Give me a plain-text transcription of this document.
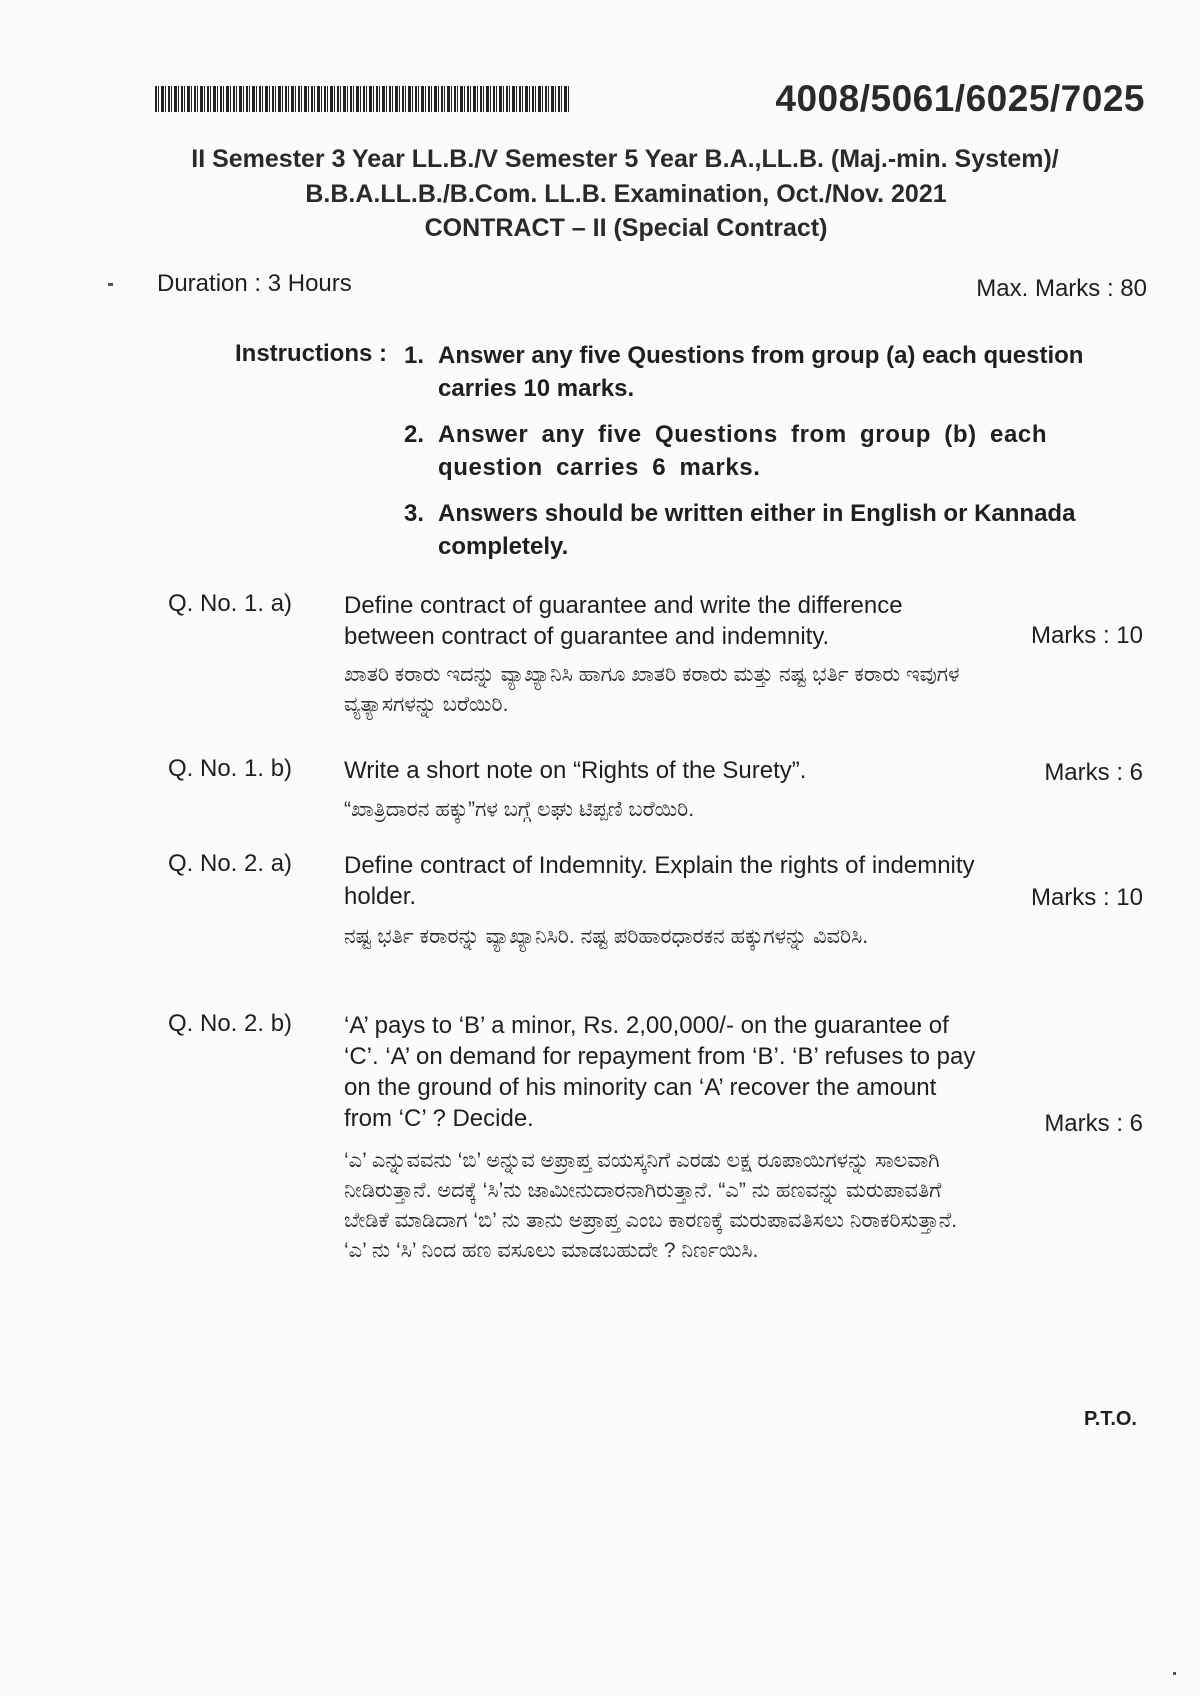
4008/5061/6025/7025
II Semester 3 Year LL.B./V Semester 5 Year B.A.,LL.B. (Maj.-min. System)/
B.B.A.LL.B./B.Com. LL.B. Examination, Oct./Nov. 2021
CONTRACT – II (Special Contract)
Duration : 3 Hours	Max. Marks : 80
Instructions : 1. Answer any five Questions from group (a) each question carries 10 marks.
2. Answer any five Questions from group (b) each question carries 6 marks.
3. Answers should be written either in English or Kannada completely.
Q. No. 1. a) Define contract of guarantee and write the difference between contract of guarantee and indemnity.	Marks : 10
ಖಾತರಿ ಕರಾರು ಇದನ್ನು ವ್ಯಾಖ್ಯಾನಿಸಿ ಹಾಗೂ ಖಾತರಿ ಕರಾರು ಮತ್ತು ನಷ್ಟ ಭರ್ತಿ ಕರಾರು ಇವುಗಳ ವ್ಯತ್ಯಾಸಗಳನ್ನು ಬರೆಯಿರಿ.
Q. No. 1. b) Write a short note on “Rights of the Surety”.	Marks : 6
“ಖಾತ್ರಿದಾರನ ಹಕ್ಕು”ಗಳ ಬಗ್ಗೆ ಲಘು ಟಿಪ್ಪಣಿ ಬರೆಯಿರಿ.
Q. No. 2. a) Define contract of Indemnity. Explain the rights of indemnity holder.	Marks : 10
ನಷ್ಟ ಭರ್ತಿ ಕರಾರನ್ನು ವ್ಯಾಖ್ಯಾನಿಸಿರಿ. ನಷ್ಟ ಪರಿಹಾರಧಾರಕನ ಹಕ್ಕುಗಳನ್ನು ವಿವರಿಸಿ.
Q. No. 2. b) ‘A’ pays to ‘B’ a minor, Rs. 2,00,000/- on the guarantee of ‘C’. ‘A’ on demand for repayment from ‘B’. ‘B’ refuses to pay on the ground of his minority can ‘A’ recover the amount from ‘C’ ? Decide.	Marks : 6
‘ಎ’ ಎನ್ನುವವನು ‘ಬಿ’ ಅನ್ನುವ ಅಪ್ರಾಪ್ತ ವಯಸ್ಕನಿಗೆ ಎರಡು ಲಕ್ಷ ರೂಪಾಯಿಗಳನ್ನು ಸಾಲವಾಗಿ ನೀಡಿರುತ್ತಾನೆ. ಅದಕ್ಕೆ ‘ಸಿ’ನು ಜಾಮೀನುದಾರನಾಗಿರುತ್ತಾನೆ. “ಎ” ನು ಹಣವನ್ನು ಮರುಪಾವತಿಗೆ ಬೇಡಿಕೆ ಮಾಡಿದಾಗ ‘ಬಿ’ ನು ತಾನು ಅಪ್ರಾಪ್ತ ಎಂಬ ಕಾರಣಕ್ಕೆ ಮರುಪಾವತಿಸಲು ನಿರಾಕರಿಸುತ್ತಾನೆ. ‘ಎ’ ನು ‘ಸಿ’ ನಿಂದ ಹಣ ವಸೂಲು ಮಾಡಬಹುದೇ ? ನಿರ್ಣಯಿಸಿ.
P.T.O.
